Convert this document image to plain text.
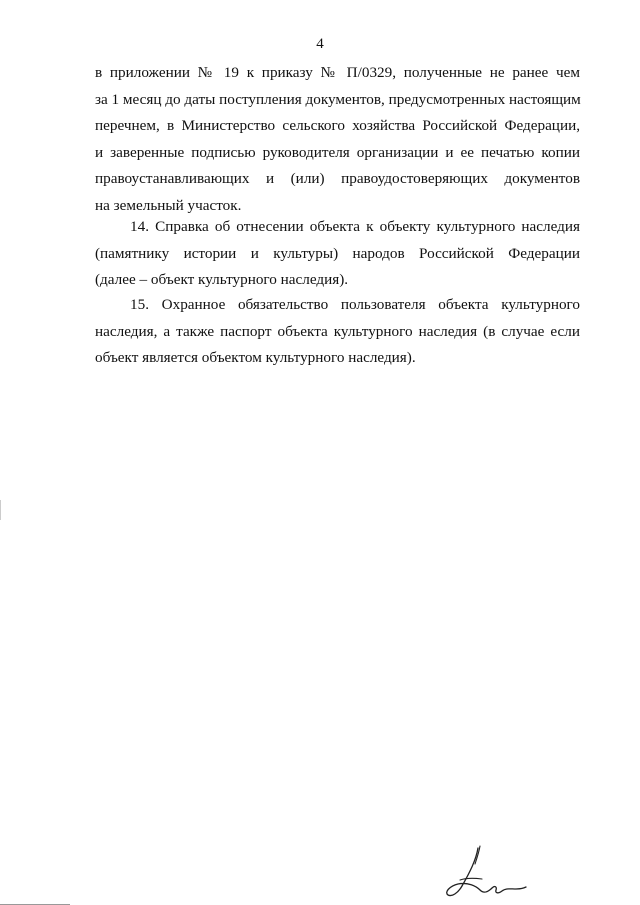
4
в приложении № 19 к приказу № П/0329, полученные не ранее чем
за 1 месяц до даты поступления документов, предусмотренных настоящим
перечнем, в Министерство сельского хозяйства Российской Федерации,
и заверенные подписью руководителя организации и ее печатью копии
правоустанавливающих и (или) правоудостоверяющих документов
на земельный участок.
14. Справка об отнесении объекта к объекту культурного наследия
(памятнику истории и культуры) народов Российской Федерации
(далее – объект культурного наследия).
15. Охранное обязательство пользователя объекта культурного
наследия, а также паспорт объекта культурного наследия (в случае если
объект является объектом культурного наследия).
